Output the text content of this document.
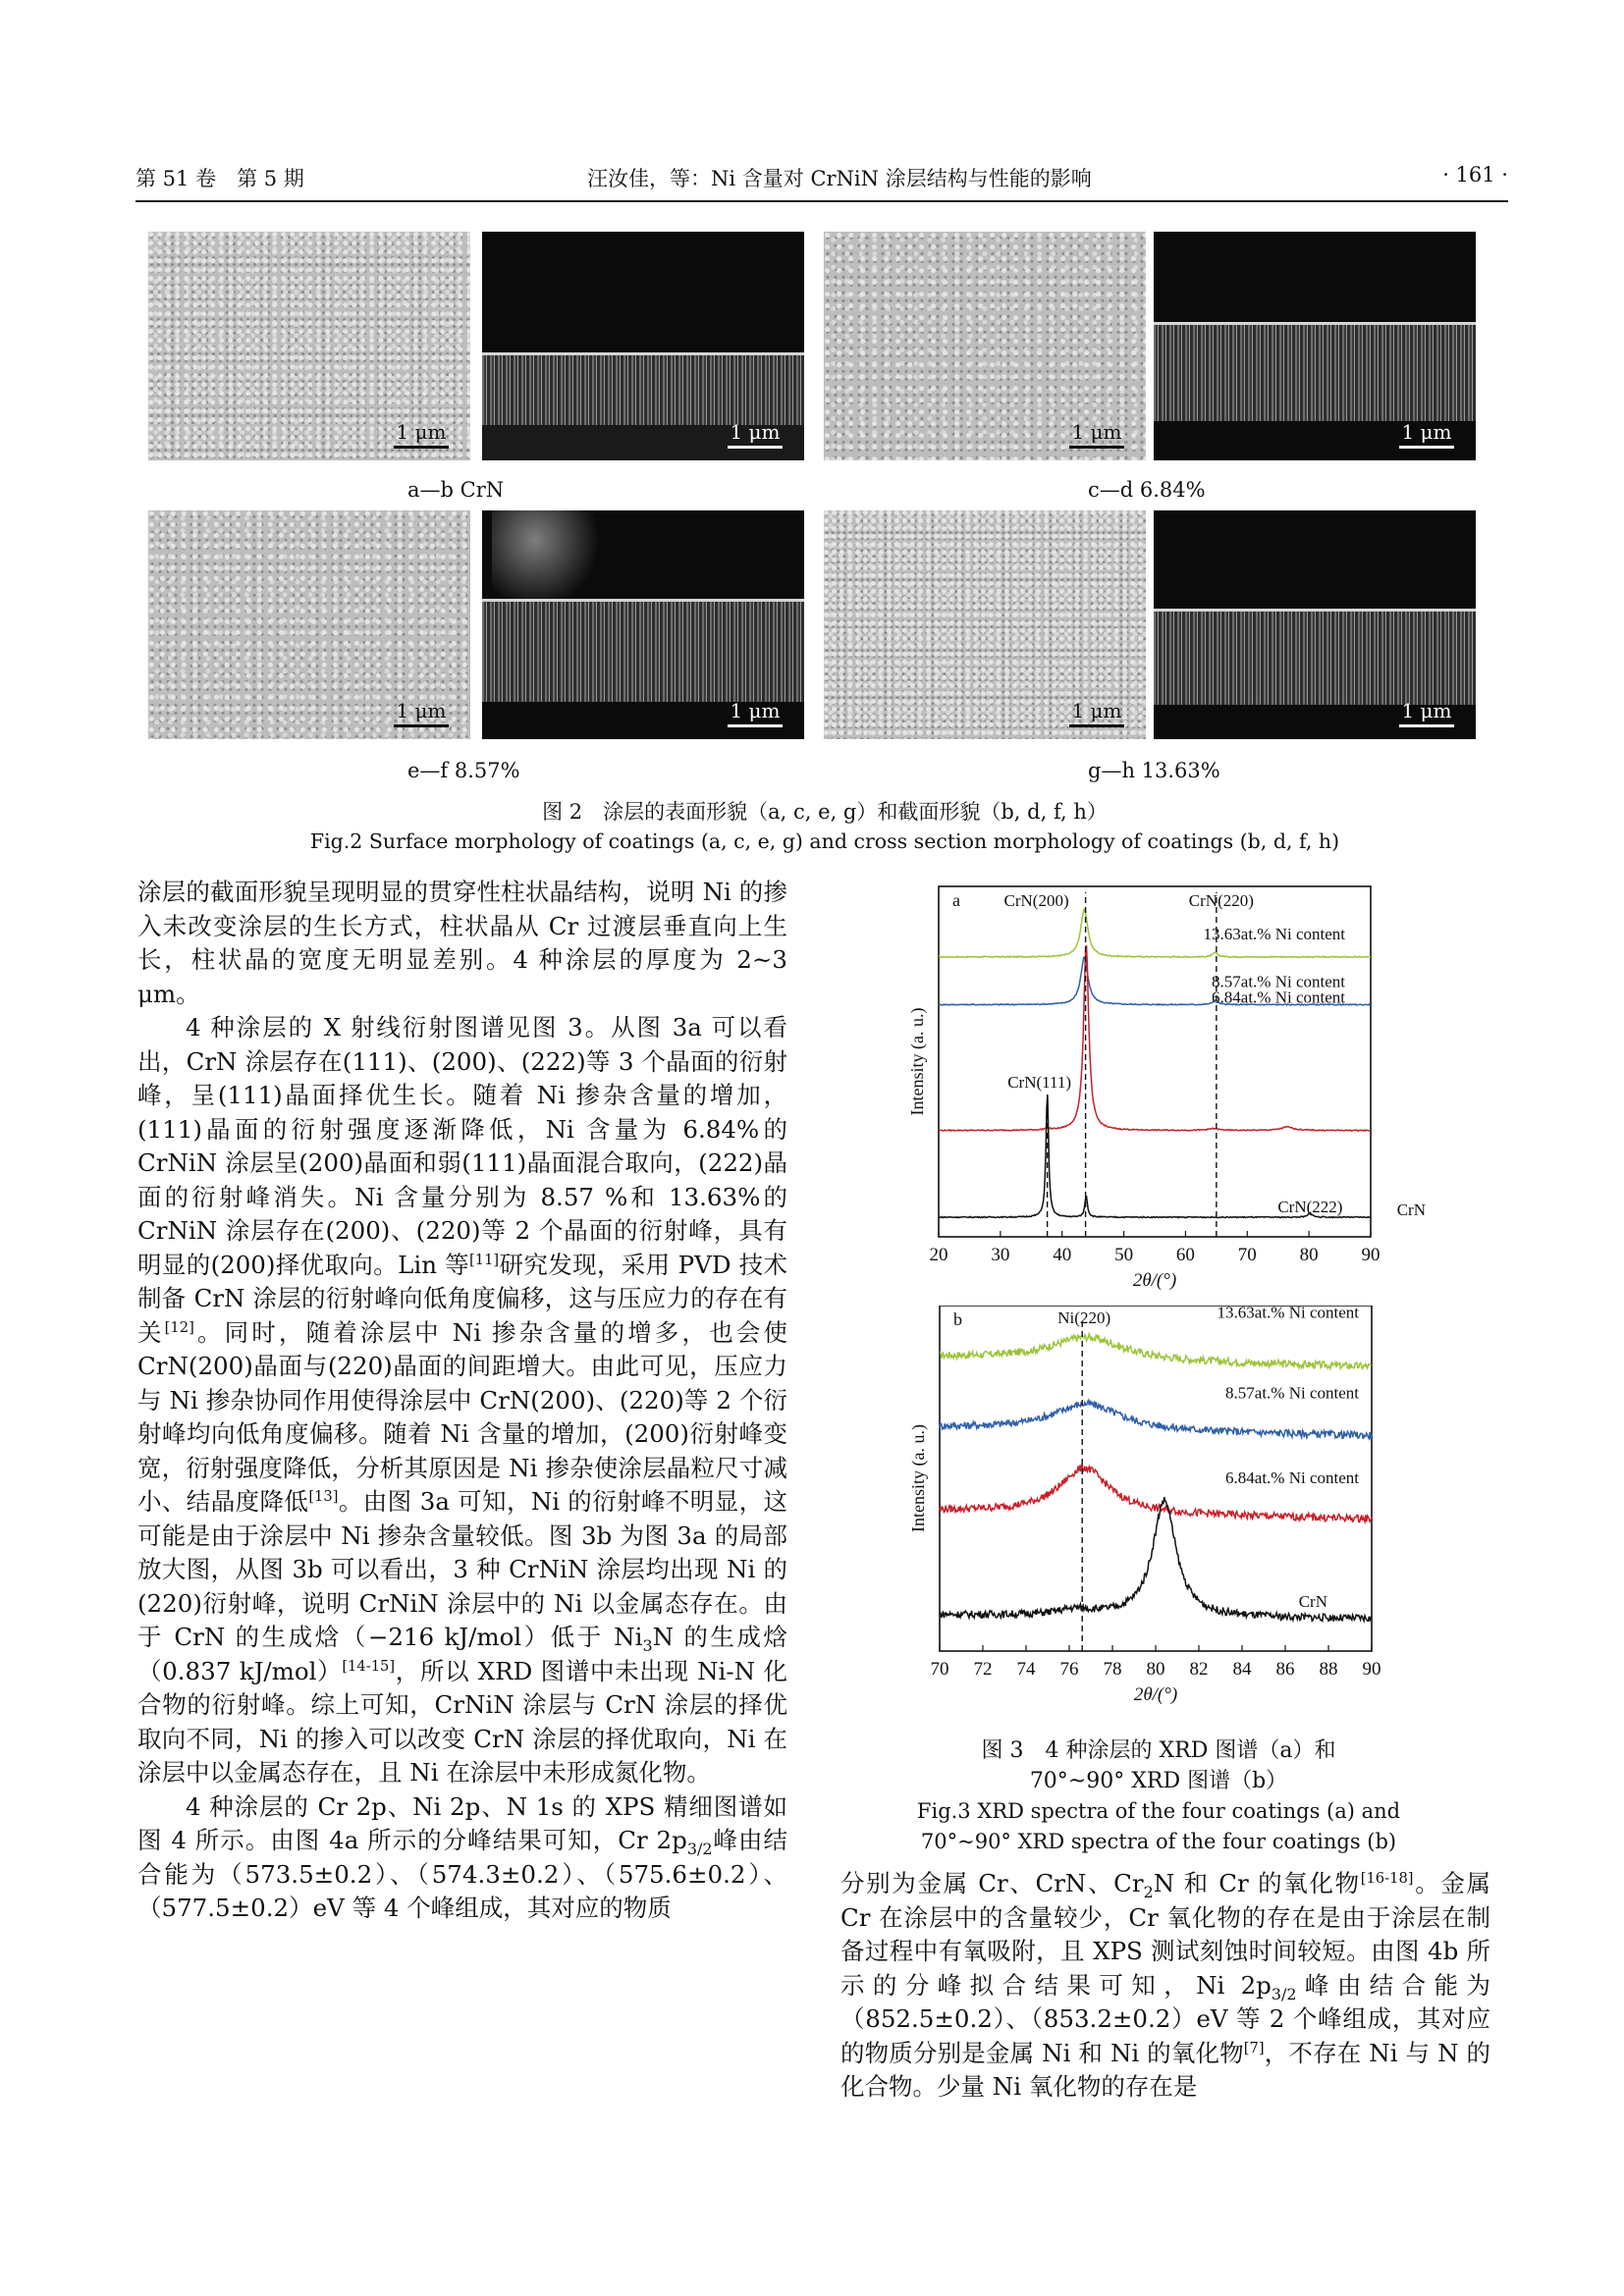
第 51 卷　第 5 期	汪汝佳，等：Ni 含量对 CrNiN 涂层结构与性能的影响	· 161 ·
1 μm	1 μm
a—b CrN
1 μm	1 μm
c—d 6.84%
1 μm	1 μm
e—f 8.57%
1 μm	1 μm
g—h 13.63%
图 2　涂层的表面形貌（a, c, e, g）和截面形貌（b, d, f, h）
Fig.2 Surface morphology of coatings (a, c, e, g) and cross section morphology of coatings (b, d, f, h)

涂层的截面形貌呈现明显的贯穿性柱状晶结构，说明 Ni 的掺入未改变涂层的生长方式，柱状晶从 Cr 过渡层垂直向上生长，柱状晶的宽度无明显差别。4 种涂层的厚度为 2~3 μm。

4 种涂层的 X 射线衍射图谱见图 3。从图 3a 可以看出，CrN 涂层存在(111)、(200)、(222)等 3 个晶面的衍射峰，呈(111)晶面择优生长。随着 Ni 掺杂含量的增加，(111)晶面的衍射强度逐渐降低，Ni 含量为 6.84%的 CrNiN 涂层呈(200)晶面和弱(111)晶面混合取向，(222)晶面的衍射峰消失。Ni 含量分别为 8.57 %和 13.63%的 CrNiN 涂层存在(200)、(220)等 2 个晶面的衍射峰，具有明显的(200)择优取向。Lin 等[11]研究发现，采用 PVD 技术制备 CrN 涂层的衍射峰向低角度偏移，这与压应力的存在有关[12]。同时，随着涂层中 Ni 掺杂含量的增多，也会使 CrN(200)晶面与(220)晶面的间距增大。由此可见，压应力与 Ni 掺杂协同作用使得涂层中 CrN(200)、(220)等 2 个衍射峰均向低角度偏移。随着 Ni 含量的增加，(200)衍射峰变宽，衍射强度降低，分析其原因是 Ni 掺杂使涂层晶粒尺寸减小、结晶度降低[13]。由图 3a 可知，Ni 的衍射峰不明显，这可能是由于涂层中 Ni 掺杂含量较低。图 3b 为图 3a 的局部放大图，从图 3b 可以看出，3 种 CrNiN 涂层均出现 Ni 的(220)衍射峰，说明 CrNiN 涂层中的 Ni 以金属态存在。由于 CrN 的生成焓（−216 kJ/mol）低于 $Ni_3N$ 的生成焓（0.837 kJ/mol）[14-15]，所以 XRD 图谱中未出现 Ni-N 化合物的衍射峰。综上可知，CrNiN 涂层与 CrN 涂层的择优取向不同，Ni 的掺入可以改变 CrN 涂层的择优取向，Ni 在涂层中以金属态存在，且 Ni 在涂层中未形成氮化物。

4 种涂层的 Cr 2p、Ni 2p、N 1s 的 XPS 精细图谱如图 4 所示。由图 4a 所示的分峰结果可知，Cr $2p_{3/2}$峰由结合能为（573.5±0.2）、（574.3±0.2）、（575.6±0.2）、（577.5±0.2）eV 等 4 个峰组成，其对应的物质

20 30 40 50 60 70 80 90
2θ/(°)
Intensity (a. u.)
a
13.63at.% Ni content
8.57at.% Ni content
6.84at.% Ni content
CrN
CrN(111)
CrN(200)	CrN(220)
CrN(222)
70 72 74 76 78 80 82 84 86 88 90
2θ/(°)
Intensity (a. u.)
b	13.63at.% Ni content
8.57at.% Ni content
6.84at.% Ni content
CrN
Ni(220)
图 3　4 种涂层的 XRD 图谱（a）和
70°~90° XRD 图谱（b）
Fig.3 XRD spectra of the four coatings (a) and
70°~90° XRD spectra of the four coatings (b)

分别为金属 Cr、CrN、$Cr_2N$ 和 Cr 的氧化物[16-18]。金属 Cr 在涂层中的含量较少，Cr 氧化物的存在是由于涂层在制备过程中有氧吸附，且 XPS 测试刻蚀时间较短。由图 4b 所示的分峰拟合结果可知，Ni $2p_{3/2}$峰由结合能为（852.5±0.2）、（853.2±0.2）eV 等 2 个峰组成，其对应的物质分别是金属 Ni 和 Ni 的氧化物[7]，不存在 Ni 与 N 的化合物。少量 Ni 氧化物的存在是
